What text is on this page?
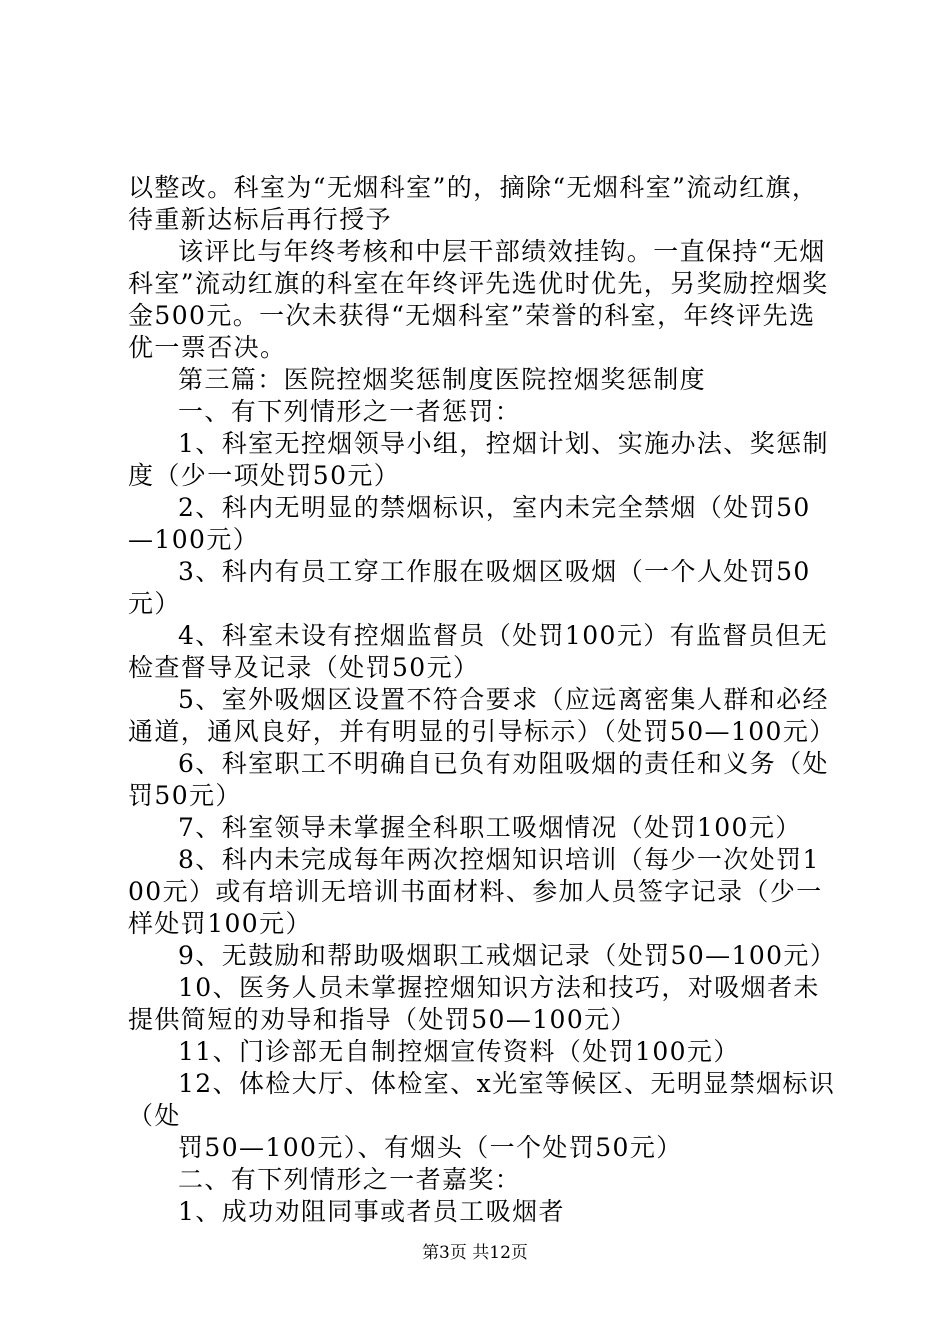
以整改。科室为“无烟科室”的，摘除“无烟科室”流动红旗，待重新达标后再行授予

该评比与年终考核和中层干部绩效挂钩。一直保持“无烟科室”流动红旗的科室在年终评先选优时优先，另奖励控烟奖金500元。一次未获得“无烟科室”荣誉的科室，年终评先选优一票否决。

第三篇：医院控烟奖惩制度医院控烟奖惩制度

一、有下列情形之一者惩罚：

1、科室无控烟领导小组，控烟计划、实施办法、奖惩制度（少一项处罚50元）

2、科内无明显的禁烟标识，室内未完全禁烟（处罚50—100元）

3、科内有员工穿工作服在吸烟区吸烟（一个人处罚50元）

4、科室未设有控烟监督员（处罚100元）有监督员但无检查督导及记录（处罚50元）

5、室外吸烟区设置不符合要求（应远离密集人群和必经通道，通风良好，并有明显的引导标示）（处罚50—100元）

6、科室职工不明确自已负有劝阻吸烟的责任和义务（处罚50元）

7、科室领导未掌握全科职工吸烟情况（处罚100元）

8、科内未完成每年两次控烟知识培训（每少一次处罚100元）或有培训无培训书面材料、参加人员签字记录（少一样处罚100元）

9、无鼓励和帮助吸烟职工戒烟记录（处罚50—100元）

10、医务人员未掌握控烟知识方法和技巧，对吸烟者未提供简短的劝导和指导（处罚50—100元）

11、门诊部无自制控烟宣传资料（处罚100元）

12、体检大厅、体检室、x光室等候区、无明显禁烟标识（处

罚50—100元）、有烟头（一个处罚50元）

二、有下列情形之一者嘉奖：

1、成功劝阻同事或者员工吸烟者

第3页 共12页
